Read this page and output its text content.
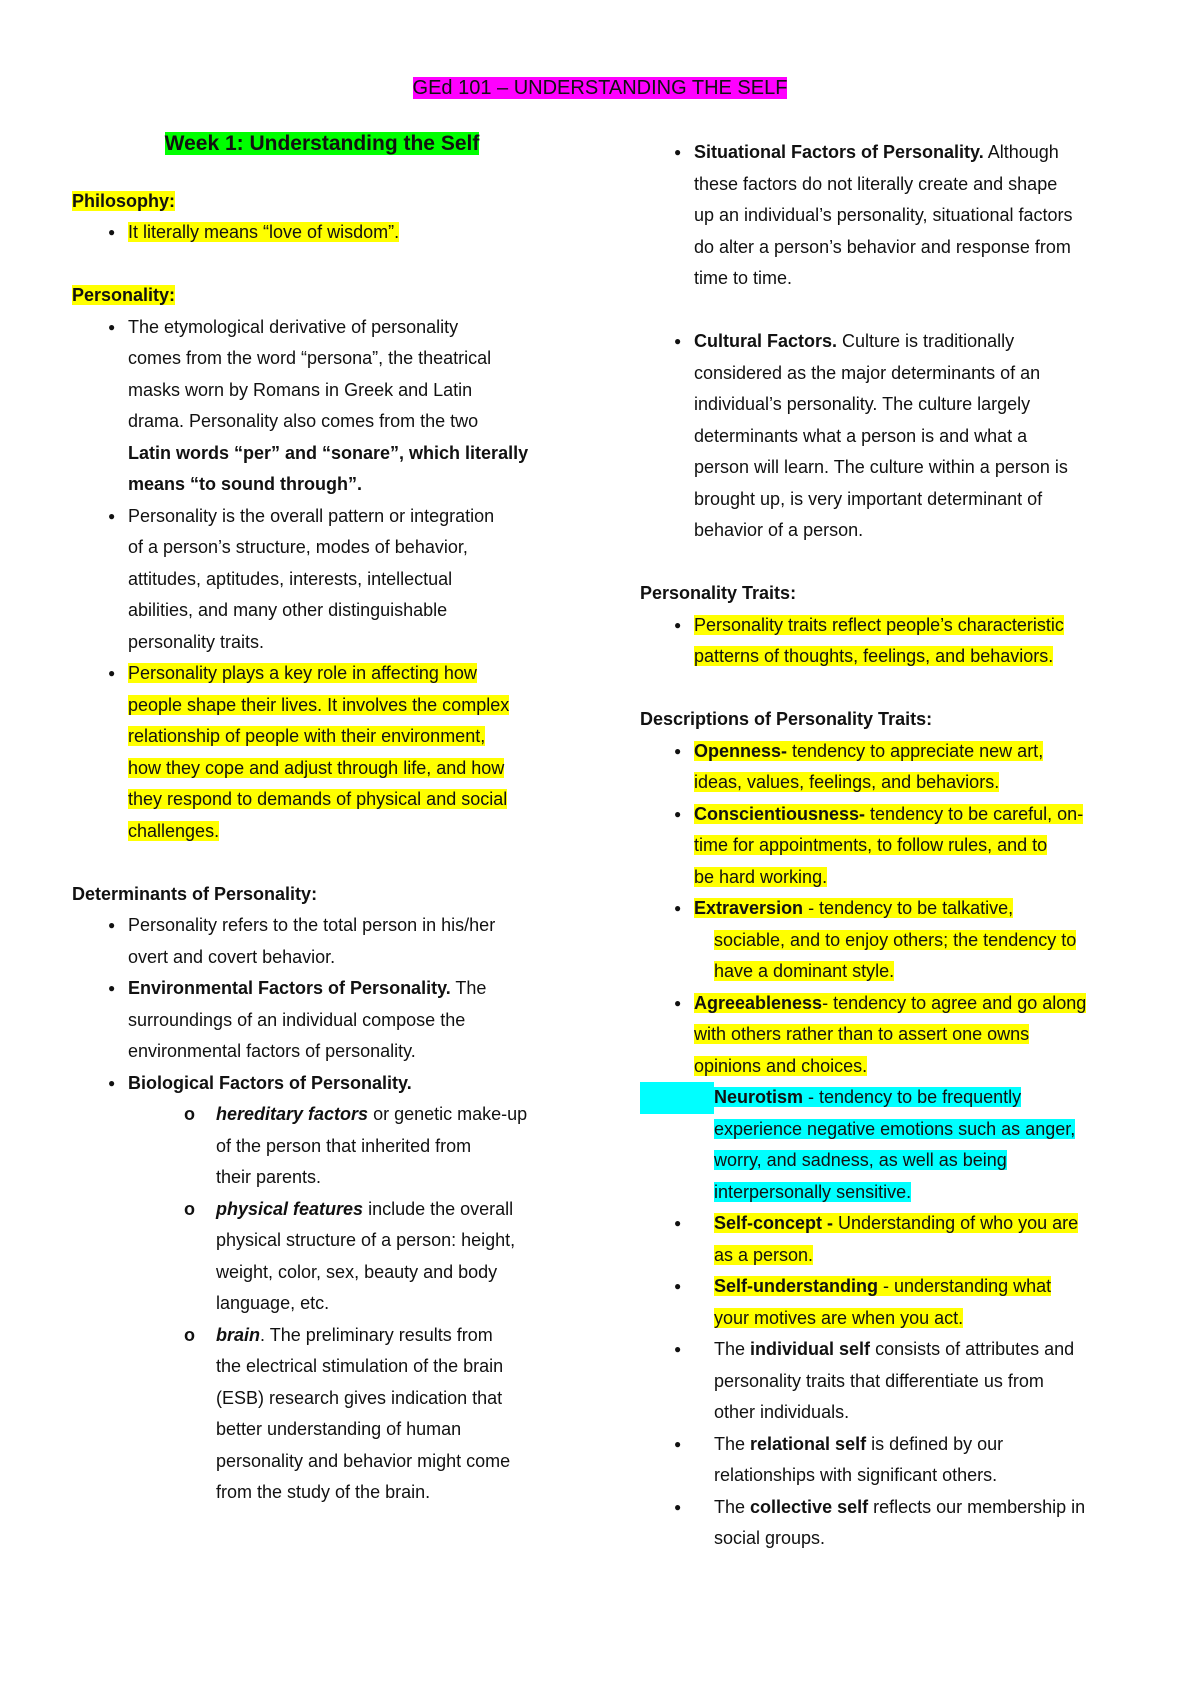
GEd 101 – UNDERSTANDING THE SELF
Week 1: Understanding the Self
Philosophy:
● It literally means “love of wisdom”.
Personality:
● The etymological derivative of personality
comes from the word “persona”, the theatrical
masks worn by Romans in Greek and Latin
drama. Personality also comes from the two
Latin words “per” and “sonare”, which literally
means “to sound through”.
● Personality is the overall pattern or integration
of a person’s structure, modes of behavior,
attitudes, aptitudes, interests, intellectual
abilities, and many other distinguishable
personality traits.
● Personality plays a key role in affecting how
people shape their lives. It involves the complex
relationship of people with their environment,
how they cope and adjust through life, and how
they respond to demands of physical and social
challenges.
Determinants of Personality:
● Personality refers to the total person in his/her
overt and covert behavior.
● Environmental Factors of Personality. The
surroundings of an individual compose the
environmental factors of personality.
● Biological Factors of Personality.
o hereditary factors or genetic make-up
of the person that inherited from
their parents.
o physical features include the overall
physical structure of a person: height,
weight, color, sex, beauty and body
language, etc.
o brain. The preliminary results from
the electrical stimulation of the brain
(ESB) research gives indication that
better understanding of human
personality and behavior might come
from the study of the brain.
● Situational Factors of Personality. Although
these factors do not literally create and shape
up an individual’s personality, situational factors
do alter a person’s behavior and response from
time to time.
● Cultural Factors. Culture is traditionally
considered as the major determinants of an
individual’s personality. The culture largely
determinants what a person is and what a
person will learn. The culture within a person is
brought up, is very important determinant of
behavior of a person.
Personality Traits:
● Personality traits reflect people’s characteristic
patterns of thoughts, feelings, and behaviors.
Descriptions of Personality Traits:
● Openness- tendency to appreciate new art,
ideas, values, feelings, and behaviors.
● Conscientiousness- tendency to be careful, on-
time for appointments, to follow rules, and to
be hard working.
● Extraversion - tendency to be talkative,
sociable, and to enjoy others; the tendency to
have a dominant style.
● Agreeableness- tendency to agree and go along
with others rather than to assert one owns
opinions and choices.
● Neurotism - tendency to be frequently
experience negative emotions such as anger,
worry, and sadness, as well as being
interpersonally sensitive.
● Self-concept - Understanding of who you are
as a person.
● Self-understanding - understanding what
your motives are when you act.
● The individual self consists of attributes and
personality traits that differentiate us from
other individuals.
● The relational self is defined by our
relationships with significant others.
● The collective self reflects our membership in
social groups.
